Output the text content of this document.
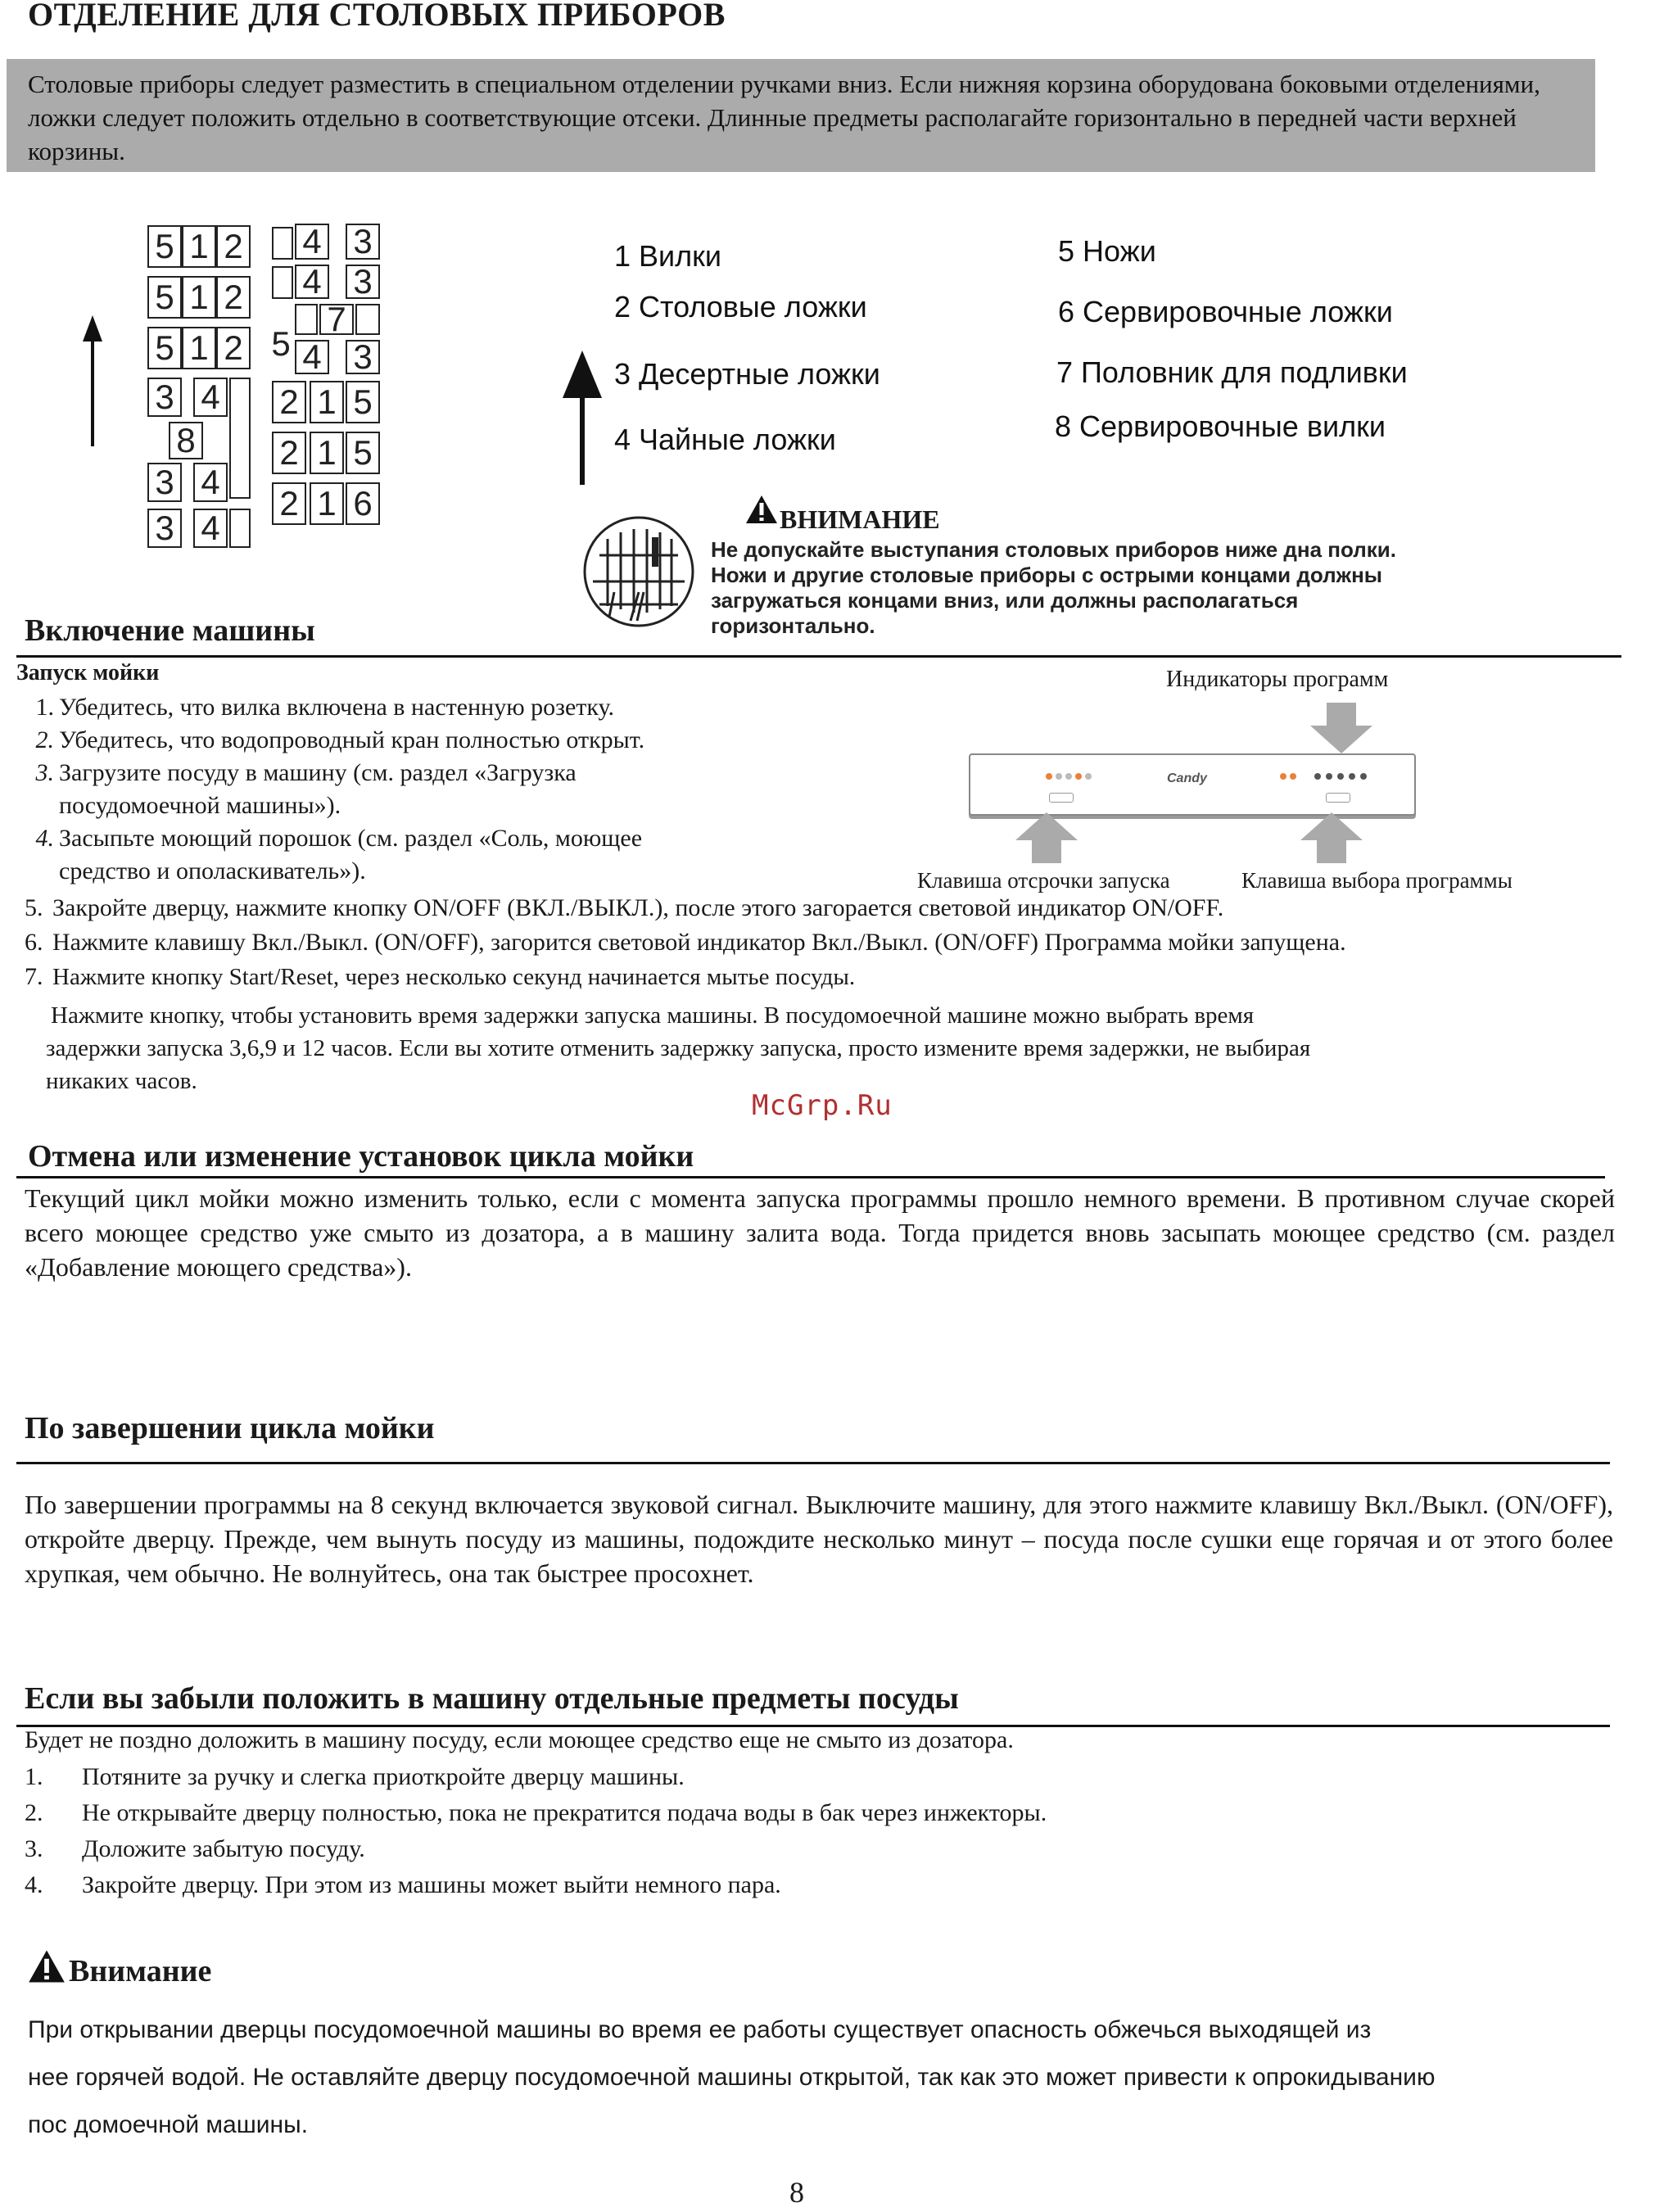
ОТДЕЛЕНИЕ ДЛЯ СТОЛОВЫХ ПРИБОРОВ
Столовые приборы следует разместить в специальном отделении ручками вниз. Если нижняя корзина оборудована боковыми отделениями, ложки следует положить отдельно в соответствующие отсеки. Длинные предметы располагайте горизонтально в передней части верхней корзины.
5 1 2
5 1 2
5 1 2
3 4
8
3 4
3 4
4 3
4 3
7
5 4 3
2 1 5
2 1 5
2 1 6
1 Вилки
2 Столовые ложки
3 Десертные ложки
4 Чайные ложки
5 Ножи
6 Сервировочные ложки
7 Половник для подливки
8 Сервировочные вилки
ВНИМАНИЕ
Не допускайте выступания столовых приборов ниже дна полки.
Ножи и другие столовые приборы с острыми концами должны
загружаться концами вниз, или должны располагаться
горизонтально.
Включение машины
Запуск мойки
1. Убедитесь, что вилка включена в настенную розетку.
2. Убедитесь, что водопроводный кран полностью открыт.
3. Загрузите посуду в машину (см. раздел «Загрузка
посудомоечной машины»).
4. Засыпьте моющий порошок (см. раздел «Соль, моющее
средство и ополаскиватель»).
5. Закройте дверцу, нажмите кнопку ON/OFF (ВКЛ./ВЫКЛ.), после этого загорается световой индикатор ON/OFF.
6. Нажмите клавишу Вкл./Выкл. (ON/OFF), загорится световой индикатор Вкл./Выкл. (ON/OFF) Программа мойки запущена.
7. Нажмите кнопку Start/Reset, через несколько секунд начинается мытье посуды.
Нажмите кнопку, чтобы установить время задержки запуска машины. В посудомоечной машине можно выбрать время
задержки запуска 3,6,9 и 12 часов. Если вы хотите отменить задержку запуска, просто измените время задержки, не выбирая
никаких часов.
Индикаторы программ
Candy
Клавиша отсрочки запуска	Клавиша выбора программы
McGrp.Ru
Отмена или изменение установок цикла мойки
Текущий цикл мойки можно изменить только, если с момента запуска программы прошло немного времени. В противном случае скорей всего моющее средство уже смыто из дозатора, а в машину залита вода. Тогда придется вновь засыпать моющее средство (см. раздел «Добавление моющего средства»).
По завершении цикла мойки
По завершении программы на 8 секунд включается звуковой сигнал. Выключите машину, для этого нажмите клавишу Вкл./Выкл. (ON/OFF), откройте дверцу. Прежде, чем вынуть посуду из машины, подождите несколько минут – посуда после сушки еще горячая и от этого более хрупкая, чем обычно. Не волнуйтесь, она так быстрее просохнет.
Если вы забыли положить в машину отдельные предметы посуды
Будет не поздно доложить в машину посуду, если моющее средство еще не смыто из дозатора.
1.	Потяните за ручку и слегка приоткройте дверцу машины.
2.	Не открывайте дверцу полностью, пока не прекратится подача воды в бак через инжекторы.
3.	Доложите забытую посуду.
4.	Закройте дверцу. При этом из машины может выйти немного пара.
Внимание
При открывании дверцы посудомоечной машины во время ее работы существует опасность обжечься выходящей из
нее горячей водой. Не оставляйте дверцу посудомоечной машины открытой, так как это может привести к опрокидыванию
пос домоечной машины.
8
